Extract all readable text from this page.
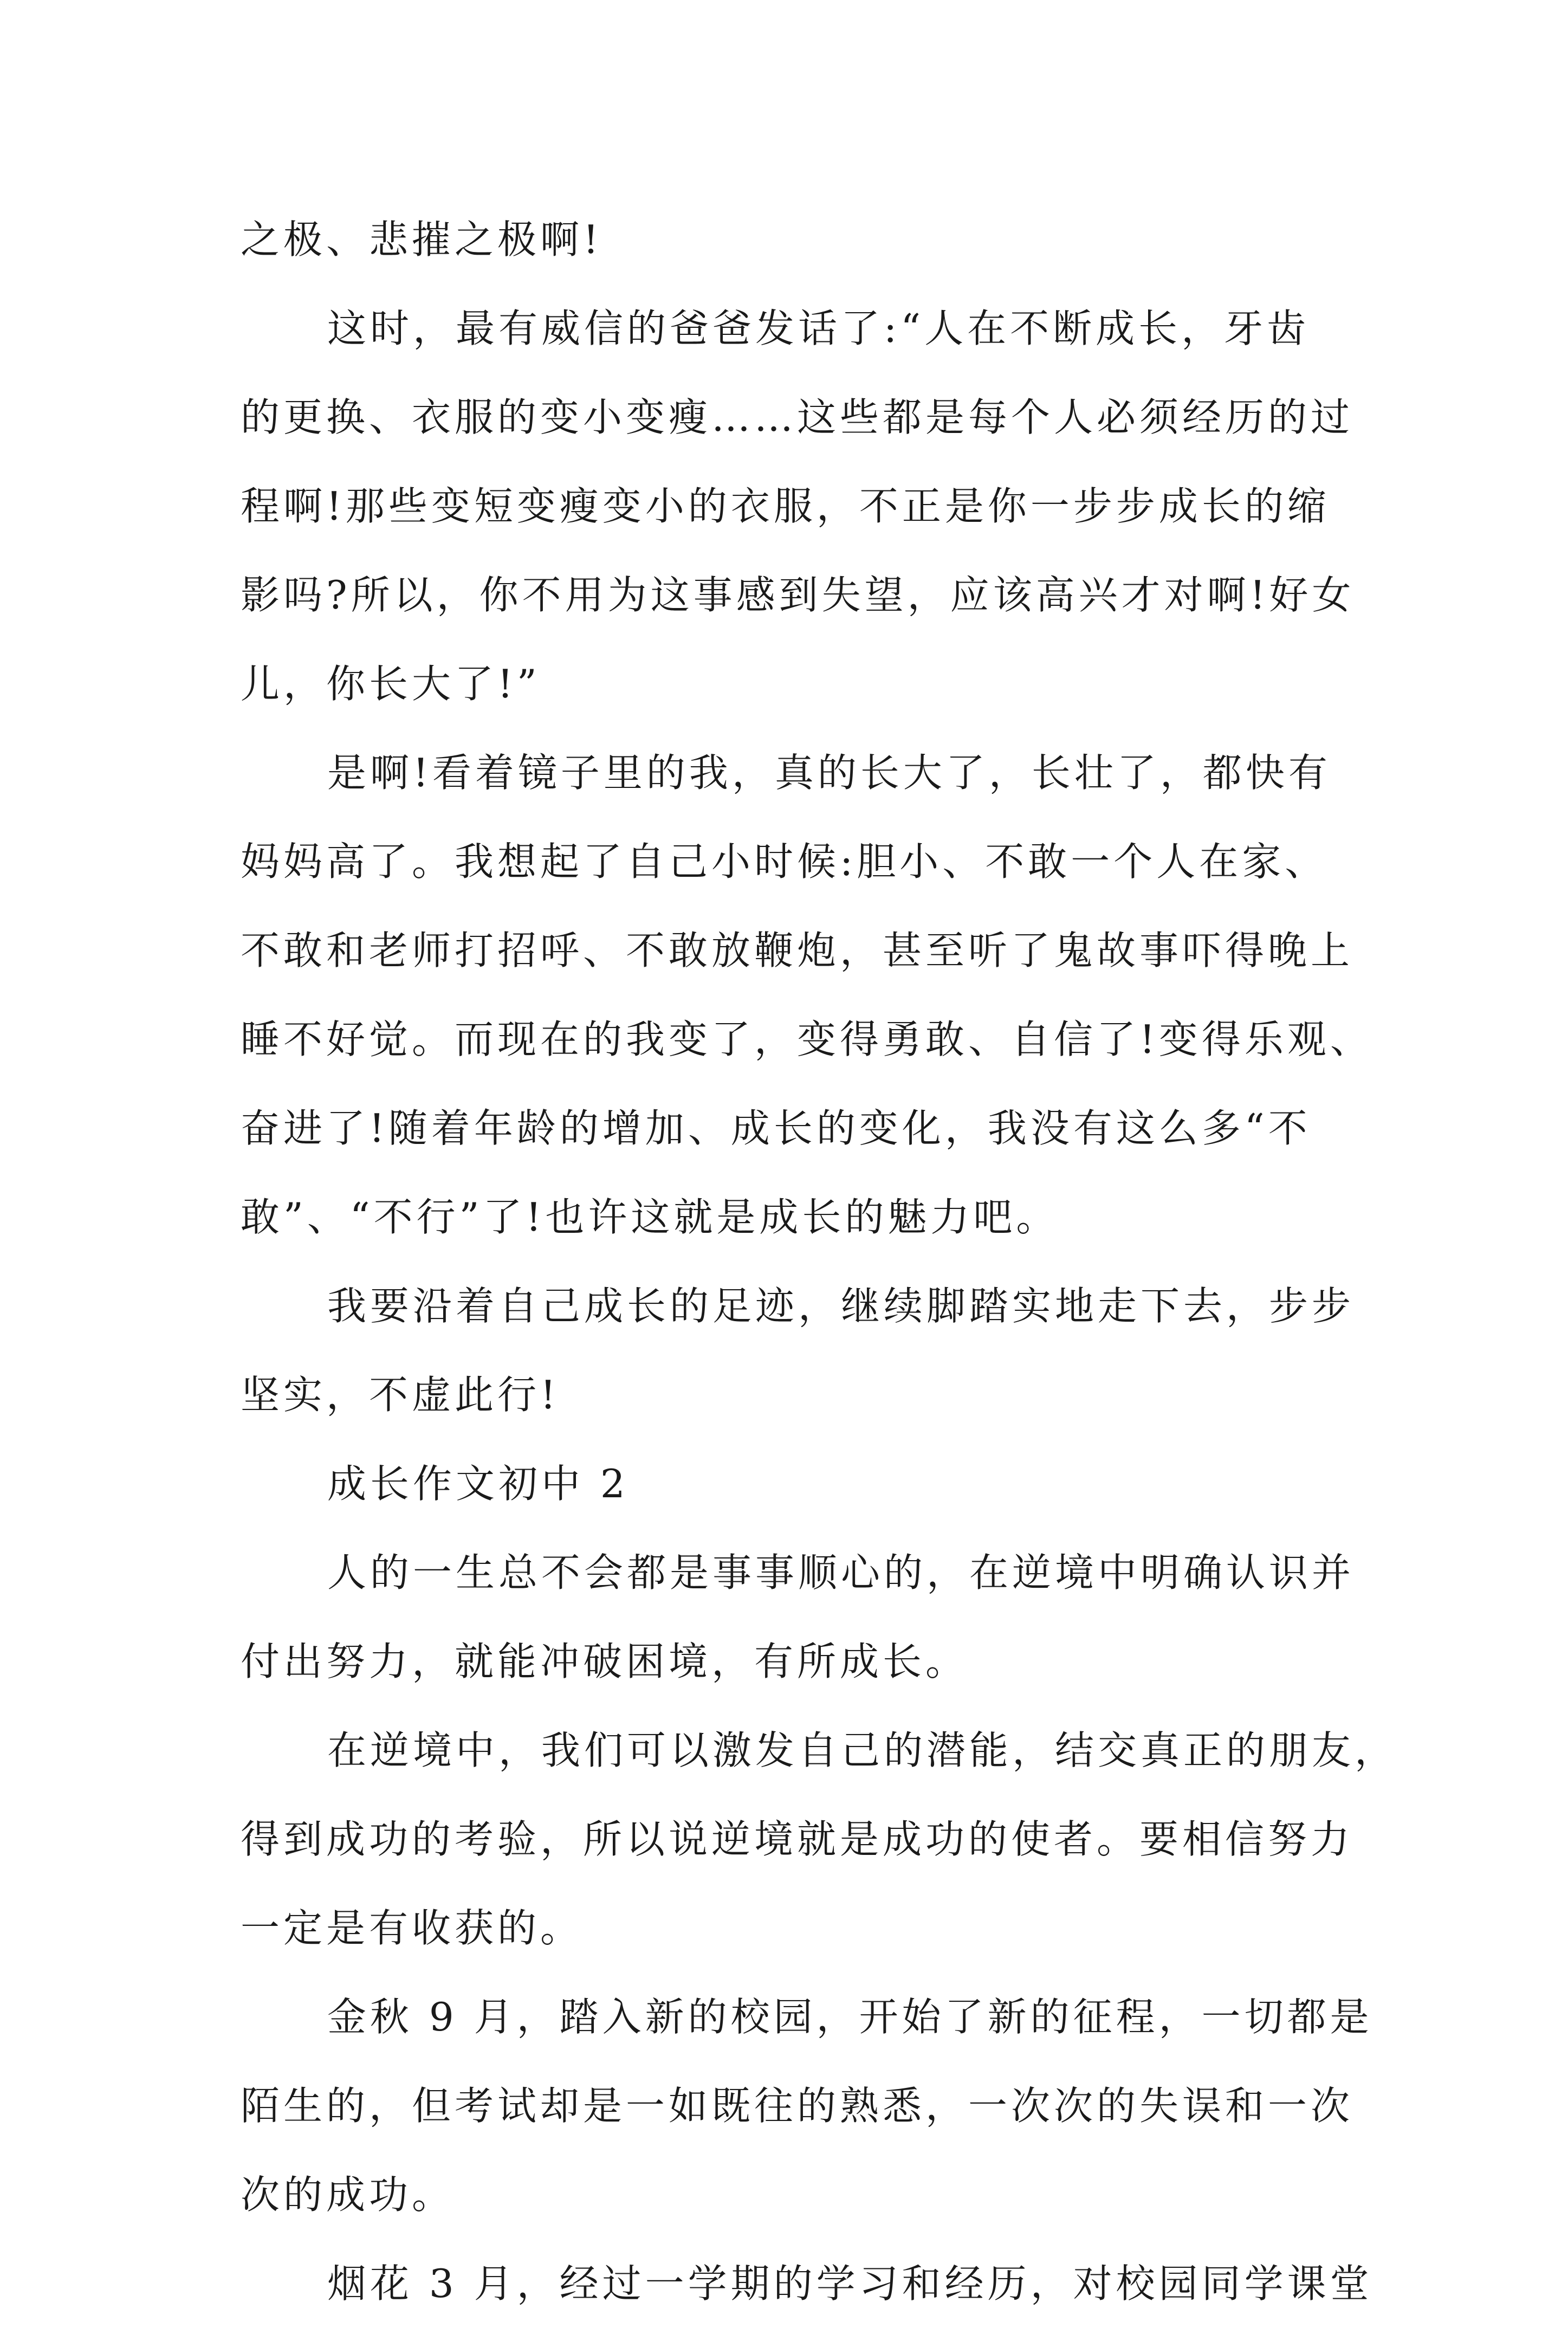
之极、悲摧之极啊!
这时，最有威信的爸爸发话了:“人在不断成长，牙齿
的更换、衣服的变小变瘦……这些都是每个人必须经历的过
程啊!那些变短变瘦变小的衣服，不正是你一步步成长的缩
影吗?所以，你不用为这事感到失望，应该高兴才对啊!好女
儿，你长大了!”
是啊!看着镜子里的我，真的长大了，长壮了，都快有
妈妈高了。我想起了自己小时候:胆小、不敢一个人在家、
不敢和老师打招呼、不敢放鞭炮，甚至听了鬼故事吓得晚上
睡不好觉。而现在的我变了，变得勇敢、自信了!变得乐观、
奋进了!随着年龄的增加、成长的变化，我没有这么多“不
敢”、“不行”了!也许这就是成长的魅力吧。
我要沿着自己成长的足迹，继续脚踏实地走下去，步步
坚实，不虚此行!
成长作文初中 2
人的一生总不会都是事事顺心的，在逆境中明确认识并
付出努力，就能冲破困境，有所成长。
在逆境中，我们可以激发自己的潜能，结交真正的朋友，
得到成功的考验，所以说逆境就是成功的使者。要相信努力
一定是有收获的。
金秋 9 月，踏入新的校园，开始了新的征程，一切都是
陌生的，但考试却是一如既往的熟悉，一次次的失误和一次
次的成功。
烟花 3 月，经过一学期的学习和经历，对校园同学课堂
